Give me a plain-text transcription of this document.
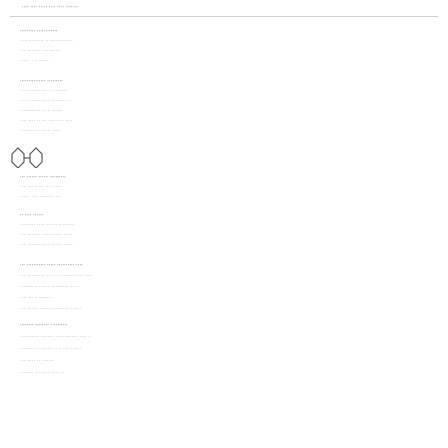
···· ···· ····· ···· ···· ·······
········· ············
·· ··········· ·· ·············
··· ········· ··· ······
······ ··· ······
··············· ·········
·· ············· ·· ········
·· ·············· ·········· ·
············ ····· ······
···· ···· ·· ··· ···· ···· ····
··········· ······ ·····
··· ······ ······ ·········
···· ····· ··· ··· ······
······ ···· ········ ···
·· ···· ······
········· ····· ········ ·······
··· ········ ····· ······ ·····
···· ············ ······· ·····
··· ··········· ····· ·········· ····
··· ··········· ······ ·········· ··· ····
·········· ······ ·········· ······
···· ····· ········
··· ······· ······ ·········· ······
········ ········ ··········
··········· ········ ············· ···· ·
·········· ········ ···· ···· ······
··· ····· ·· ·······
········ ········ ····· ··
